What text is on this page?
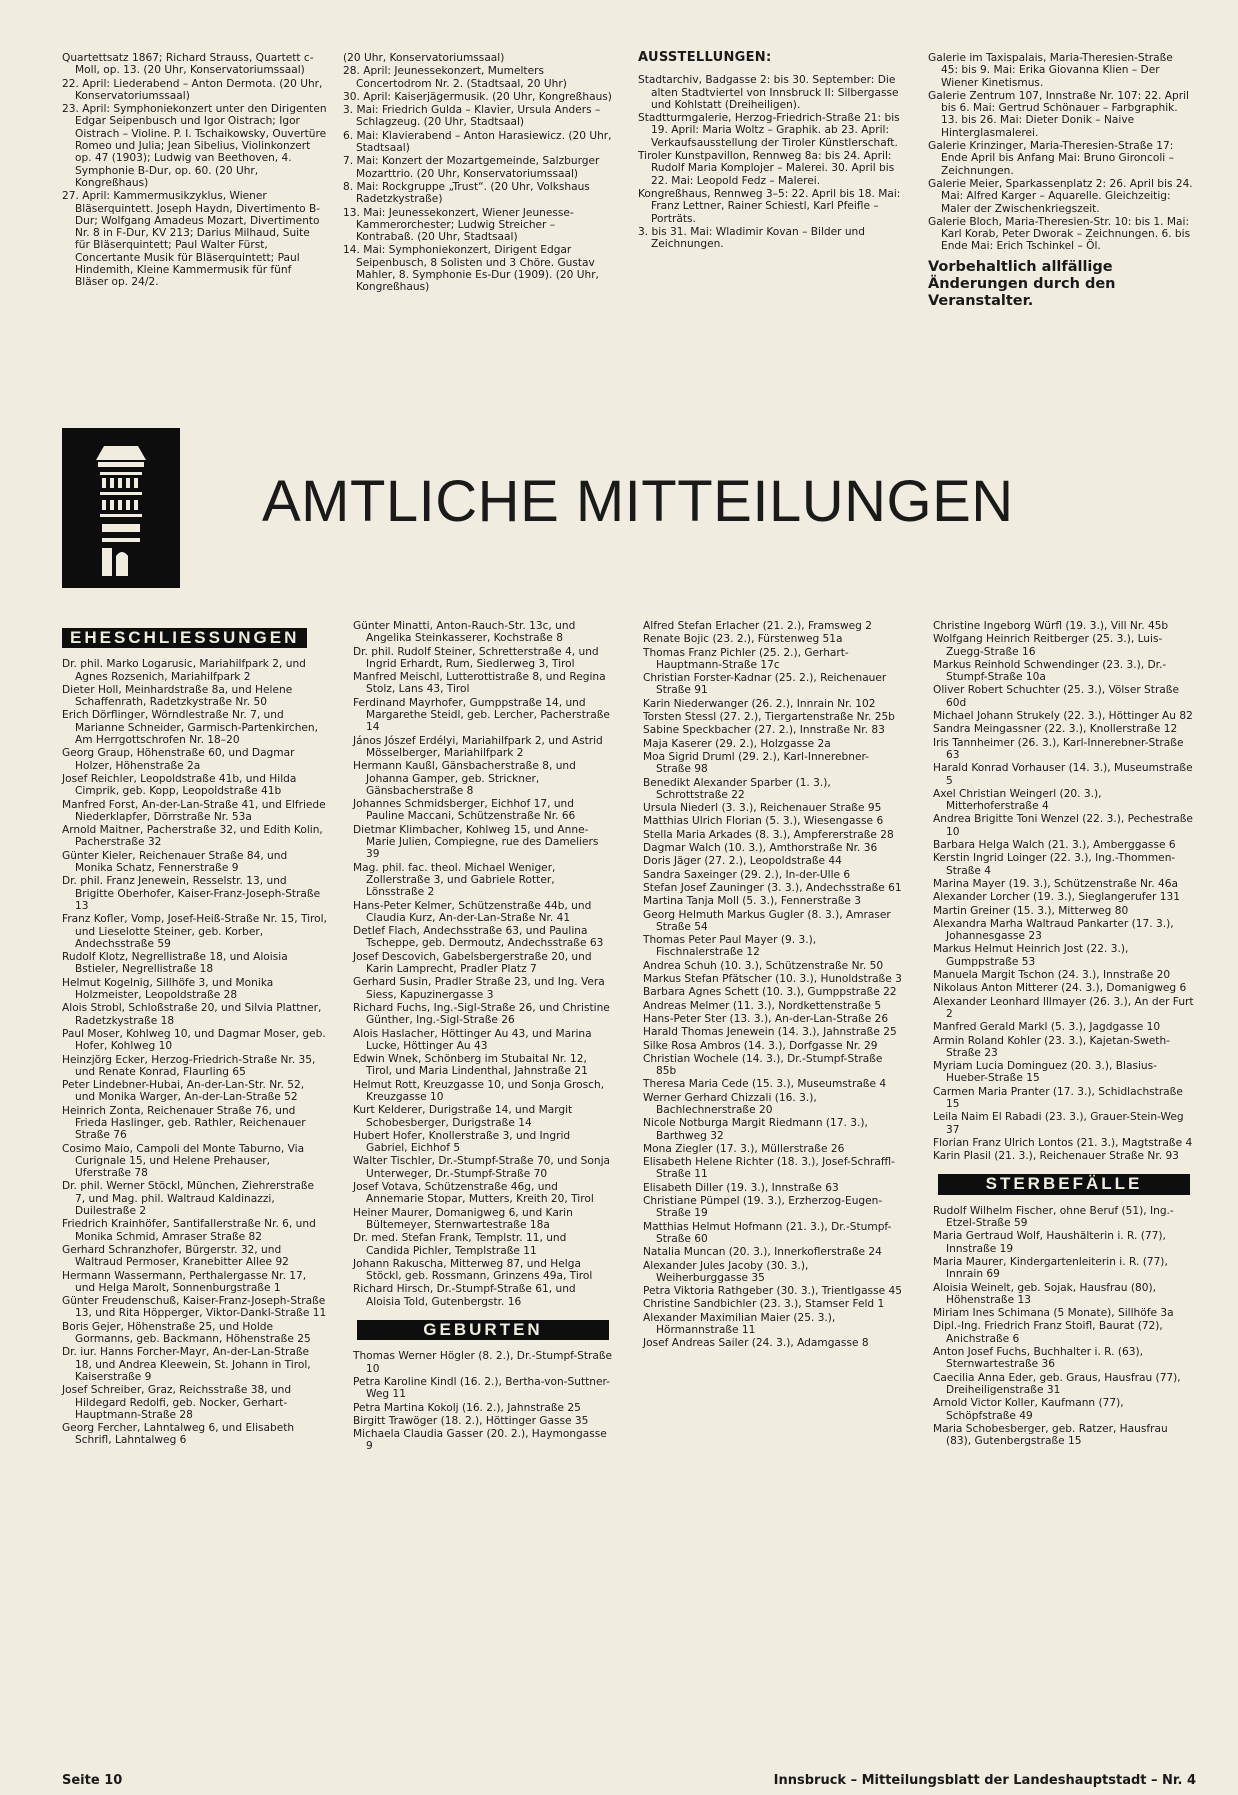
Quartettsatz 1867; Richard Strauss, Quartett c-Moll, op. 13. (20 Uhr, Konservatoriumssaal)

22. April: Liederabend – Anton Dermota. (20 Uhr, Konservatoriumssaal)

23. April: Symphoniekonzert unter den Dirigenten Edgar Seipenbusch und Igor Oistrach; Igor Oistrach – Violine. P. I. Tschaikowsky, Ouvertüre Romeo und Julia; Jean Sibelius, Violinkonzert op. 47 (1903); Ludwig van Beethoven, 4. Symphonie B-Dur, op. 60. (20 Uhr, Kongreßhaus)

27. April: Kammermusikzyklus, Wiener Bläserquintett. Joseph Haydn, Divertimento B-Dur; Wolfgang Amadeus Mozart, Divertimento Nr. 8 in F-Dur, KV 213; Darius Milhaud, Suite für Bläserquintett; Paul Walter Fürst, Concertante Musik für Bläserquintett; Paul Hindemith, Kleine Kammermusik für fünf Bläser op. 24/2.

(20 Uhr, Konservatoriumssaal)

28. April: Jeunessekonzert, Mumelters Concertodrom Nr. 2. (Stadtsaal, 20 Uhr)

30. April: Kaiserjägermusik. (20 Uhr, Kongreßhaus)

3. Mai: Friedrich Gulda – Klavier, Ursula Anders – Schlagzeug. (20 Uhr, Stadtsaal)

6. Mai: Klavierabend – Anton Harasiewicz. (20 Uhr, Stadtsaal)

7. Mai: Konzert der Mozartgemeinde, Salzburger Mozarttrio. (20 Uhr, Konservatoriumssaal)

8. Mai: Rockgruppe „Trust“. (20 Uhr, Volkshaus Radetzkystraße)

13. Mai: Jeunessekonzert, Wiener Jeunesse-Kammerorchester; Ludwig Streicher – Kontrabaß. (20 Uhr, Stadtsaal)

14. Mai: Symphoniekonzert, Dirigent Edgar Seipenbusch, 8 Solisten und 3 Chöre. Gustav Mahler, 8. Symphonie Es-Dur (1909). (20 Uhr, Kongreßhaus)

AUSSTELLUNGEN:

Stadtarchiv, Badgasse 2: bis 30. September: Die alten Stadtviertel von Innsbruck II: Silbergasse und Kohlstatt (Dreiheiligen).

Stadtturmgalerie, Herzog-Friedrich-Straße 21: bis 19. April: Maria Woltz – Graphik. ab 23. April: Verkaufsausstellung der Tiroler Künstlerschaft.

Tiroler Kunstpavillon, Rennweg 8a: bis 24. April: Rudolf Maria Komplojer – Malerei. 30. April bis 22. Mai: Leopold Fedz – Malerei.

Kongreßhaus, Rennweg 3–5: 22. April bis 18. Mai: Franz Lettner, Rainer Schiestl, Karl Pfeifle – Porträts.

3. bis 31. Mai: Wladimir Kovan – Bilder und Zeichnungen.

Galerie im Taxispalais, Maria-Theresien-Straße 45: bis 9. Mai: Erika Giovanna Klien – Der Wiener Kinetismus.

Galerie Zentrum 107, Innstraße Nr. 107: 22. April bis 6. Mai: Gertrud Schönauer – Farbgraphik. 13. bis 26. Mai: Dieter Donik – Naive Hinterglasmalerei.

Galerie Krinzinger, Maria-Theresien-Straße 17: Ende April bis Anfang Mai: Bruno Gironcoli – Zeichnungen.

Galerie Meier, Sparkassenplatz 2: 26. April bis 24. Mai: Alfred Karger – Aquarelle. Gleichzeitig: Maler der Zwischenkriegszeit.

Galerie Bloch, Maria-Theresien-Str. 10: bis 1. Mai: Karl Korab, Peter Dworak – Zeichnungen. 6. bis Ende Mai: Erich Tschinkel – Öl.

Vorbehaltlich allfällige Änderungen durch den Veranstalter.
AMTLICHE MITTEILUNGEN
EHESCHLIESSUNGEN

Dr. phil. Marko Logarusic, Mariahilfpark 2, und Agnes Rozsenich, Mariahilfpark 2

Dieter Holl, Meinhardstraße 8a, und Helene Schaffenrath, Radetzkystraße Nr. 50

Erich Dörflinger, Wörndlestraße Nr. 7, und Marianne Schneider, Garmisch-Partenkirchen, Am Herrgottschrofen Nr. 18–20

Georg Graup, Höhenstraße 60, und Dagmar Holzer, Höhenstraße 2a

Josef Reichler, Leopoldstraße 41b, und Hilda Cimprik, geb. Kopp, Leopoldstraße 41b

Manfred Forst, An-der-Lan-Straße 41, und Elfriede Niederklapfer, Dörrstraße Nr. 53a

Arnold Maitner, Pacherstraße 32, und Edith Kolin, Pacherstraße 32

Günter Kieler, Reichenauer Straße 84, und Monika Schatz, Fennerstraße 9

Dr. phil. Franz Jenewein, Resselstr. 13, und Brigitte Oberhofer, Kaiser-Franz-Joseph-Straße 13

Franz Kofler, Vomp, Josef-Heiß-Straße Nr. 15, Tirol, und Lieselotte Steiner, geb. Korber, Andechsstraße 59

Rudolf Klotz, Negrellistraße 18, und Aloisia Bstieler, Negrellistraße 18

Helmut Kogelnig, Sillhöfe 3, und Monika Holzmeister, Leopoldstraße 28

Alois Strobl, Schloßstraße 20, und Silvia Plattner, Radetzkystraße 18

Paul Moser, Kohlweg 10, und Dagmar Moser, geb. Hofer, Kohlweg 10

Heinzjörg Ecker, Herzog-Friedrich-Straße Nr. 35, und Renate Konrad, Flaurling 65

Peter Lindebner-Hubai, An-der-Lan-Str. Nr. 52, und Monika Warger, An-der-Lan-Straße 52

Heinrich Zonta, Reichenauer Straße 76, und Frieda Haslinger, geb. Rathler, Reichenauer Straße 76

Cosimo Maio, Campoli del Monte Taburno, Via Curignale 15, und Helene Prehauser, Uferstraße 78

Dr. phil. Werner Stöckl, München, Ziehrerstraße 7, und Mag. phil. Waltraud Kaldinazzi, Duilestraße 2

Friedrich Krainhöfer, Santifallerstraße Nr. 6, und Monika Schmid, Amraser Straße 82

Gerhard Schranzhofer, Bürgerstr. 32, und Waltraud Permoser, Kranebitter Allee 92

Hermann Wassermann, Perthalergasse Nr. 17, und Helga Marolt, Sonnenburgstraße 1

Günter Freudenschuß, Kaiser-Franz-Joseph-Straße 13, und Rita Höpperger, Viktor-Dankl-Straße 11

Boris Gejer, Höhenstraße 25, und Holde Gormanns, geb. Backmann, Höhenstraße 25

Dr. iur. Hanns Forcher-Mayr, An-der-Lan-Straße 18, und Andrea Kleewein, St. Johann in Tirol, Kaiserstraße 9

Josef Schreiber, Graz, Reichsstraße 38, und Hildegard Redolfi, geb. Nocker, Gerhart-Hauptmann-Straße 28

Georg Fercher, Lahntalweg 6, und Elisabeth Schrifl, Lahntalweg 6

Günter Minatti, Anton-Rauch-Str. 13c, und Angelika Steinkasserer, Kochstraße 8

Dr. phil. Rudolf Steiner, Schretterstraße 4, und Ingrid Erhardt, Rum, Siedlerweg 3, Tirol

Manfred Meischl, Lutterottistraße 8, und Regina Stolz, Lans 43, Tirol

Ferdinand Mayrhofer, Gumppstraße 14, und Margarethe Steidl, geb. Lercher, Pacherstraße 14

János Jószef Erdélyi, Mariahilfpark 2, und Astrid Mösselberger, Mariahilfpark 2

Hermann Kaußl, Gänsbacherstraße 8, und Johanna Gamper, geb. Strickner, Gänsbacherstraße 8

Johannes Schmidsberger, Eichhof 17, und Pauline Maccani, Schützenstraße Nr. 66

Dietmar Klimbacher, Kohlweg 15, und Anne-Marie Julien, Compiegne, rue des Dameliers 39

Mag. phil. fac. theol. Michael Weniger, Zollerstraße 3, und Gabriele Rotter, Lönsstraße 2

Hans-Peter Kelmer, Schützenstraße 44b, und Claudia Kurz, An-der-Lan-Straße Nr. 41

Detlef Flach, Andechsstraße 63, und Paulina Tscheppe, geb. Dermoutz, Andechsstraße 63

Josef Descovich, Gabelsbergerstraße 20, und Karin Lamprecht, Pradler Platz 7

Gerhard Susin, Pradler Straße 23, und Ing. Vera Siess, Kapuzinergasse 3

Richard Fuchs, Ing.-Sigl-Straße 26, und Christine Günther, Ing.-Sigl-Straße 26

Alois Haslacher, Höttinger Au 43, und Marina Lucke, Höttinger Au 43

Edwin Wnek, Schönberg im Stubaital Nr. 12, Tirol, und Maria Lindenthal, Jahnstraße 21

Helmut Rott, Kreuzgasse 10, und Sonja Grosch, Kreuzgasse 10

Kurt Kelderer, Durigstraße 14, und Margit Schobesberger, Durigstraße 14

Hubert Hofer, Knollerstraße 3, und Ingrid Gabriel, Eichhof 5

Walter Tischler, Dr.-Stumpf-Straße 70, und Sonja Unterweger, Dr.-Stumpf-Straße 70

Josef Votava, Schützenstraße 46g, und Annemarie Stopar, Mutters, Kreith 20, Tirol

Heiner Maurer, Domanigweg 6, und Karin Bültemeyer, Sternwartestraße 18a

Dr. med. Stefan Frank, Templstr. 11, und Candida Pichler, Templstraße 11

Johann Rakuscha, Mitterweg 87, und Helga Stöckl, geb. Rossmann, Grinzens 49a, Tirol

Richard Hirsch, Dr.-Stumpf-Straße 61, und Aloisia Told, Gutenbergstr. 16

GEBURTEN

Thomas Werner Högler (8. 2.), Dr.-Stumpf-Straße 10

Petra Karoline Kindl (16. 2.), Bertha-von-Suttner-Weg 11

Petra Martina Kokolj (16. 2.), Jahnstraße 25

Birgitt Trawöger (18. 2.), Höttinger Gasse 35

Michaela Claudia Gasser (20. 2.), Haymongasse 9

Alfred Stefan Erlacher (21. 2.), Framsweg 2

Renate Bojic (23. 2.), Fürstenweg 51a

Thomas Franz Pichler (25. 2.), Gerhart-Hauptmann-Straße 17c

Christian Forster-Kadnar (25. 2.), Reichenauer Straße 91

Karin Niederwanger (26. 2.), Innrain Nr. 102

Torsten Stessl (27. 2.), Tiergartenstraße Nr. 25b

Sabine Speckbacher (27. 2.), Innstraße Nr. 83

Maja Kaserer (29. 2.), Holzgasse 2a

Moa Sigrid Druml (29. 2.), Karl-Innerebner-Straße 98

Benedikt Alexander Sparber (1. 3.), Schrottstraße 22

Ursula Niederl (3. 3.), Reichenauer Straße 95

Matthias Ulrich Florian (5. 3.), Wiesengasse 6

Stella Maria Arkades (8. 3.), Ampfererstraße 28

Dagmar Walch (10. 3.), Amthorstraße Nr. 36

Doris Jäger (27. 2.), Leopoldstraße 44

Sandra Saxeinger (29. 2.), In-der-Ulle 6

Stefan Josef Zauninger (3. 3.), Andechsstraße 61

Martina Tanja Moll (5. 3.), Fennerstraße 3

Georg Helmuth Markus Gugler (8. 3.), Amraser Straße 54

Thomas Peter Paul Mayer (9. 3.), Fischnalerstraße 12

Andrea Schuh (10. 3.), Schützenstraße Nr. 50

Markus Stefan Pfätscher (10. 3.), Hunoldstraße 3

Barbara Agnes Schett (10. 3.), Gumppstraße 22

Andreas Melmer (11. 3.), Nordkettenstraße 5

Hans-Peter Ster (13. 3.), An-der-Lan-Straße 26

Harald Thomas Jenewein (14. 3.), Jahnstraße 25

Silke Rosa Ambros (14. 3.), Dorfgasse Nr. 29

Christian Wochele (14. 3.), Dr.-Stumpf-Straße 85b

Theresa Maria Cede (15. 3.), Museumstraße 4

Werner Gerhard Chizzali (16. 3.), Bachlechnerstraße 20

Nicole Notburga Margit Riedmann (17. 3.), Barthweg 32

Mona Ziegler (17. 3.), Müllerstraße 26

Elisabeth Helene Richter (18. 3.), Josef-Schraffl-Straße 11

Elisabeth Diller (19. 3.), Innstraße 63

Christiane Pümpel (19. 3.), Erzherzog-Eugen-Straße 19

Matthias Helmut Hofmann (21. 3.), Dr.-Stumpf-Straße 60

Natalia Muncan (20. 3.), Innerkoflerstraße 24

Alexander Jules Jacoby (30. 3.), Weiherburggasse 35

Petra Viktoria Rathgeber (30. 3.), Trientlgasse 45

Christine Sandbichler (23. 3.), Stamser Feld 1

Alexander Maximilian Maier (25. 3.), Hörmannstraße 11

Josef Andreas Sailer (24. 3.), Adamgasse 8

Christine Ingeborg Würfl (19. 3.), Vill Nr. 45b

Wolfgang Heinrich Reitberger (25. 3.), Luis-Zuegg-Straße 16

Markus Reinhold Schwendinger (23. 3.), Dr.-Stumpf-Straße 10a

Oliver Robert Schuchter (25. 3.), Völser Straße 60d

Michael Johann Strukely (22. 3.), Höttinger Au 82

Sandra Meingassner (22. 3.), Knollerstraße 12

Iris Tannheimer (26. 3.), Karl-Innerebner-Straße 63

Harald Konrad Vorhauser (14. 3.), Museumstraße 5

Axel Christian Weingerl (20. 3.), Mitterhoferstraße 4

Andrea Brigitte Toni Wenzel (22. 3.), Pechestraße 10

Barbara Helga Walch (21. 3.), Amberggasse 6

Kerstin Ingrid Loinger (22. 3.), Ing.-Thommen-Straße 4

Marina Mayer (19. 3.), Schützenstraße Nr. 46a

Alexander Lorcher (19. 3.), Sieglangerufer 131

Martin Greiner (15. 3.), Mitterweg 80

Alexandra Marha Waltraud Pankarter (17. 3.), Johannesgasse 23

Markus Helmut Heinrich Jost (22. 3.), Gumppstraße 53

Manuela Margit Tschon (24. 3.), Innstraße 20

Nikolaus Anton Mitterer (24. 3.), Domanigweg 6

Alexander Leonhard Illmayer (26. 3.), An der Furt 2

Manfred Gerald Markl (5. 3.), Jagdgasse 10

Armin Roland Kohler (23. 3.), Kajetan-Sweth-Straße 23

Myriam Lucia Dominguez (20. 3.), Blasius-Hueber-Straße 15

Carmen Maria Pranter (17. 3.), Schidlachstraße 15

Leila Naim El Rabadi (23. 3.), Grauer-Stein-Weg 37

Florian Franz Ulrich Lontos (21. 3.), Magtstraße 4

Karin Plasil (21. 3.), Reichenauer Straße Nr. 93

STERBEFÄLLE

Rudolf Wilhelm Fischer, ohne Beruf (51), Ing.-Etzel-Straße 59

Maria Gertraud Wolf, Haushälterin i. R. (77), Innstraße 19

Maria Maurer, Kindergartenleiterin i. R. (77), Innrain 69

Aloisia Weinelt, geb. Sojak, Hausfrau (80), Höhenstraße 13

Miriam Ines Schimana (5 Monate), Sillhöfe 3a

Dipl.-Ing. Friedrich Franz Stoifl, Baurat (72), Anichstraße 6

Anton Josef Fuchs, Buchhalter i. R. (63), Sternwartestraße 36

Caecilia Anna Eder, geb. Graus, Hausfrau (77), Dreiheiligenstraße 31

Arnold Victor Koller, Kaufmann (77), Schöpfstraße 49

Maria Schobesberger, geb. Ratzer, Hausfrau (83), Gutenbergstraße 15

Seite 10	Innsbruck – Mitteilungsblatt der Landeshauptstadt – Nr. 4
